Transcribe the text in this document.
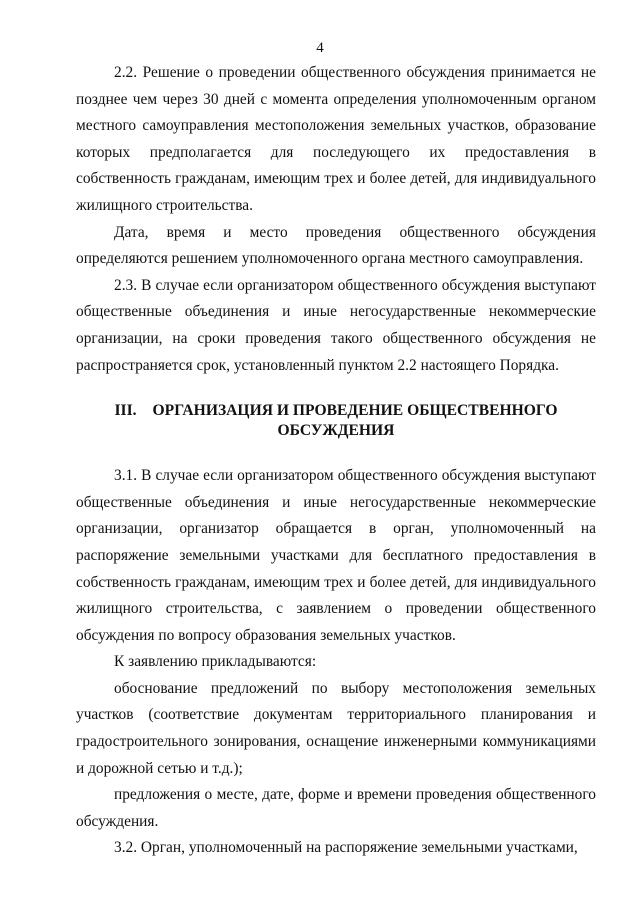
4

2.2. Решение о проведении общественного обсуждения принимается не позднее чем через 30 дней с момента определения уполномоченным органом местного самоуправления местоположения земельных участков, образование которых предполагается для последующего их предоставления в собственность гражданам, имеющим трех и более детей, для индивидуального жилищного строительства.

Дата, время и место проведения общественного обсуждения определяются решением уполномоченного органа местного самоуправления.

2.3. В случае если организатором общественного обсуждения выступают общественные объединения и иные негосударственные некоммерческие организации, на сроки проведения такого общественного обсуждения не распространяется срок, установленный пунктом 2.2 настоящего Порядка.

III. ОРГАНИЗАЦИЯ И ПРОВЕДЕНИЕ ОБЩЕСТВЕННОГО
ОБСУЖДЕНИЯ

3.1. В случае если организатором общественного обсуждения выступают общественные объединения и иные негосударственные некоммерческие организации, организатор обращается в орган, уполномоченный на распоряжение земельными участками для бесплатного предоставления в собственность гражданам, имеющим трех и более детей, для индивидуального жилищного строительства, с заявлением о проведении общественного обсуждения по вопросу образования земельных участков.

К заявлению прикладываются:

обоснование предложений по выбору местоположения земельных участков (соответствие документам территориального планирования и градостроительного зонирования, оснащение инженерными коммуникациями и дорожной сетью и т.д.);

предложения о месте, дате, форме и времени проведения общественного обсуждения.

3.2. Орган, уполномоченный на распоряжение земельными участками,
